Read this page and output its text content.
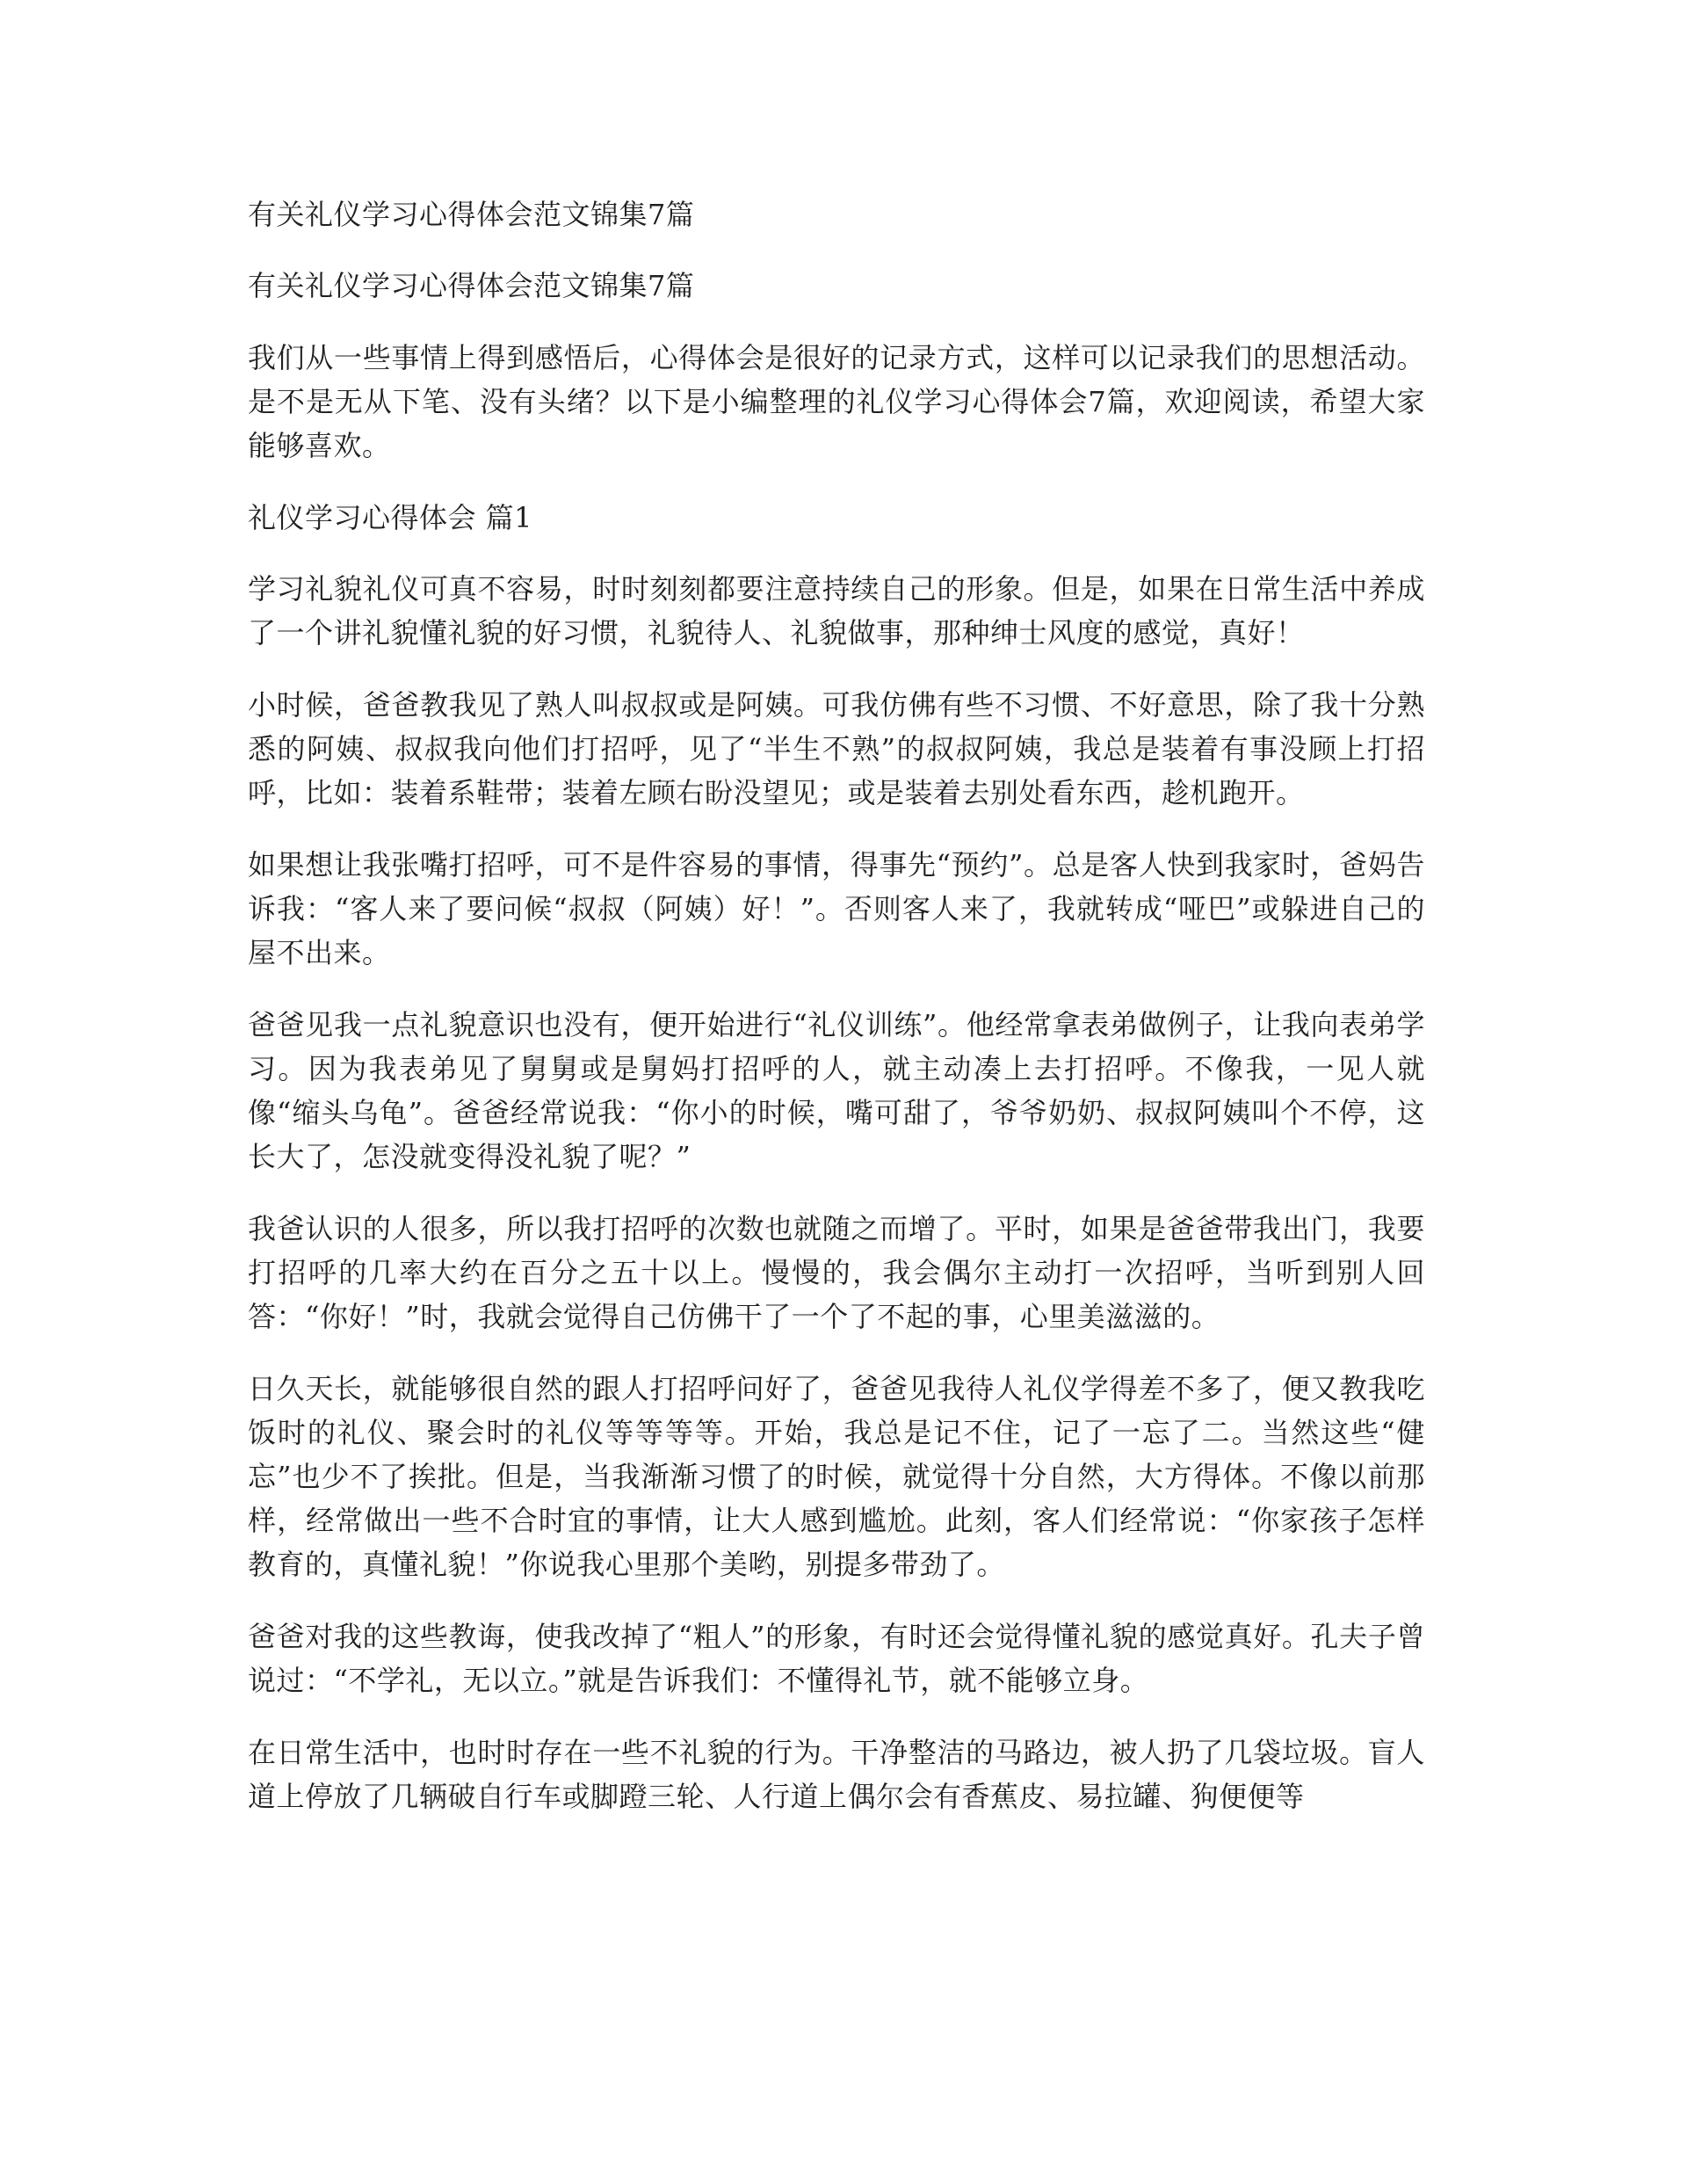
有关礼仪学习心得体会范文锦集7篇

有关礼仪学习心得体会范文锦集7篇

我们从一些事情上得到感悟后，心得体会是很好的记录方式，这样可以记录我们的思想活动。是不是无从下笔、没有头绪？以下是小编整理的礼仪学习心得体会7篇，欢迎阅读，希望大家能够喜欢。

礼仪学习心得体会 篇1

学习礼貌礼仪可真不容易，时时刻刻都要注意持续自己的形象。但是，如果在日常生活中养成了一个讲礼貌懂礼貌的好习惯，礼貌待人、礼貌做事，那种绅士风度的感觉，真好！

小时候，爸爸教我见了熟人叫叔叔或是阿姨。可我仿佛有些不习惯、不好意思，除了我十分熟悉的阿姨、叔叔我向他们打招呼，见了“半生不熟”的叔叔阿姨，我总是装着有事没顾上打招呼，比如：装着系鞋带；装着左顾右盼没望见；或是装着去别处看东西，趁机跑开。

如果想让我张嘴打招呼，可不是件容易的事情，得事先“预约”。总是客人快到我家时，爸妈告诉我：“客人来了要问候“叔叔（阿姨）好！”。否则客人来了，我就转成“哑巴”或躲进自己的屋不出来。

爸爸见我一点礼貌意识也没有，便开始进行“礼仪训练”。他经常拿表弟做例子，让我向表弟学习。因为我表弟见了舅舅或是舅妈打招呼的人，就主动凑上去打招呼。不像我，一见人就像“缩头乌龟”。爸爸经常说我：“你小的时候，嘴可甜了，爷爷奶奶、叔叔阿姨叫个不停，这长大了，怎没就变得没礼貌了呢？”

我爸认识的人很多，所以我打招呼的次数也就随之而增了。平时，如果是爸爸带我出门，我要打招呼的几率大约在百分之五十以上。慢慢的，我会偶尔主动打一次招呼，当听到别人回答：“你好！”时，我就会觉得自己仿佛干了一个了不起的事，心里美滋滋的。

日久天长，就能够很自然的跟人打招呼问好了，爸爸见我待人礼仪学得差不多了，便又教我吃饭时的礼仪、聚会时的礼仪等等等等。开始，我总是记不住，记了一忘了二。当然这些“健忘”也少不了挨批。但是，当我渐渐习惯了的时候，就觉得十分自然，大方得体。不像以前那样，经常做出一些不合时宜的事情，让大人感到尴尬。此刻，客人们经常说：“你家孩子怎样教育的，真懂礼貌！”你说我心里那个美哟，别提多带劲了。

爸爸对我的这些教诲，使我改掉了“粗人”的形象，有时还会觉得懂礼貌的感觉真好。孔夫子曾说过：“不学礼，无以立。”就是告诉我们：不懂得礼节，就不能够立身。

在日常生活中，也时时存在一些不礼貌的行为。干净整洁的马路边，被人扔了几袋垃圾。盲人道上停放了几辆破自行车或脚蹬三轮、人行道上偶尔会有香蕉皮、易拉罐、狗便便等
